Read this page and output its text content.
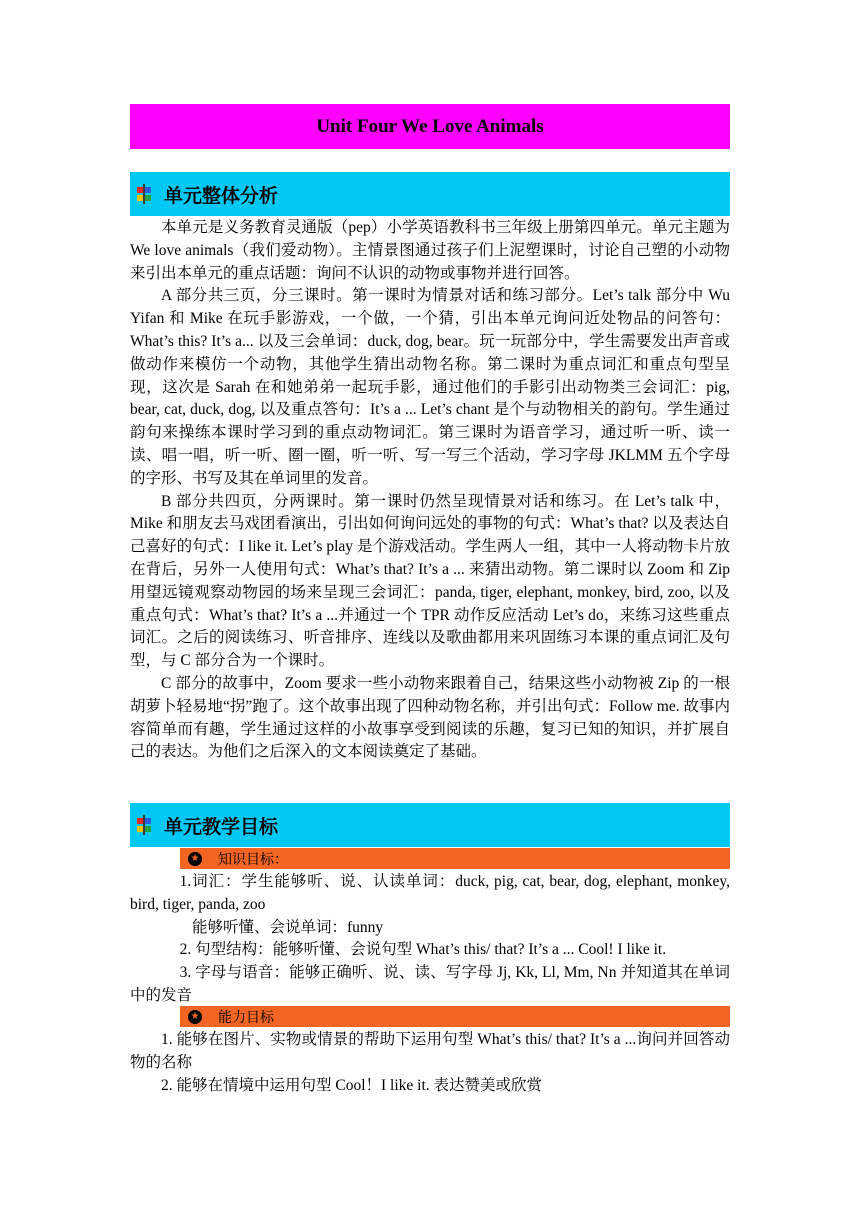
Unit Four We Love Animals
单元整体分析

本单元是义务教育灵通版（pep）小学英语教科书三年级上册第四单元。单元主题为 We love animals（我们爱动物）。主情景图通过孩子们上泥塑课时，讨论自己塑的小动物来引出本单元的重点话题：询问不认识的动物或事物并进行回答。

A 部分共三页，分三课时。第一课时为情景对话和练习部分。Let’s talk 部分中 Wu Yifan 和 Mike 在玩手影游戏，一个做，一个猜，引出本单元询问近处物品的问答句：What’s this? It’s a... 以及三会单词：duck, dog, bear。玩一玩部分中，学生需要发出声音或做动作来模仿一个动物，其他学生猜出动物名称。第二课时为重点词汇和重点句型呈现，这次是 Sarah 在和她弟弟一起玩手影，通过他们的手影引出动物类三会词汇：pig, bear, cat, duck, dog, 以及重点答句：It’s a ... Let’s chant 是个与动物相关的韵句。学生通过韵句来操练本课时学习到的重点动物词汇。第三课时为语音学习，通过听一听、读一读、唱一唱，听一听、圈一圈，听一听、写一写三个活动，学习字母 JKLMM 五个字母的字形、书写及其在单词里的发音。

B 部分共四页，分两课时。第一课时仍然呈现情景对话和练习。在 Let’s talk 中，Mike 和朋友去马戏团看演出，引出如何询问远处的事物的句式：What’s that? 以及表达自己喜好的句式：I like it. Let’s play 是个游戏活动。学生两人一组，其中一人将动物卡片放在背后，另外一人使用句式：What’s that? It’s a ... 来猜出动物。第二课时以 Zoom 和 Zip 用望远镜观察动物园的场来呈现三会词汇：panda, tiger, elephant, monkey, bird, zoo, 以及重点句式：What’s that? It’s a ...并通过一个 TPR 动作反应活动 Let’s do，来练习这些重点词汇。之后的阅读练习、听音排序、连线以及歌曲都用来巩固练习本课的重点词汇及句型，与 C 部分合为一个课时。

C 部分的故事中，Zoom 要求一些小动物来跟着自己，结果这些小动物被 Zip 的一根胡萝卜轻易地“拐”跑了。这个故事出现了四种动物名称，并引出句式：Follow me. 故事内容简单而有趣，学生通过这样的小故事享受到阅读的乐趣，复习已知的知识，并扩展自己的表达。为他们之后深入的文本阅读奠定了基础。

单元教学目标
★ 知识目标：

1.词汇：学生能够听、说、认读单词：duck, pig, cat, bear, dog, elephant, monkey, bird, tiger, panda, zoo

能够听懂、会说单词：funny

2. 句型结构：能够听懂、会说句型 What’s this/ that? It’s a ... Cool! I like it.

3. 字母与语音：能够正确听、说、读、写字母 Jj, Kk, Ll, Mm, Nn 并知道其在单词中的发音

★ 能力目标

1. 能够在图片、实物或情景的帮助下运用句型 What’s this/ that? It’s a ...询问并回答动物的名称

2. 能够在情境中运用句型 Cool！I like it. 表达赞美或欣赏
